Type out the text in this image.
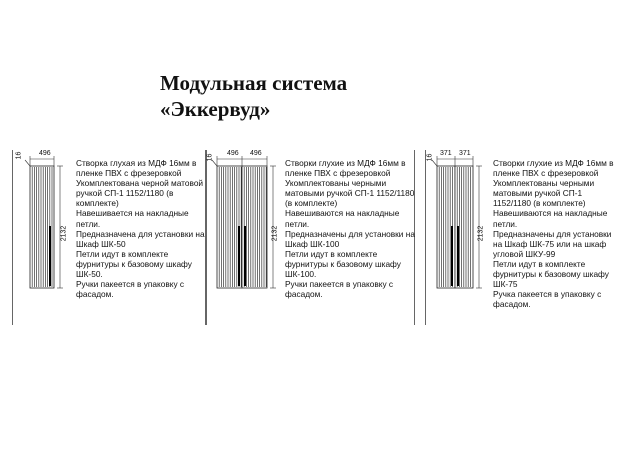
Модульная система
«Эккервуд»
16 496
2132

Створка глухая из МДФ 16мм в пленке ПВХ с фрезеровкой

Укомплектована черной матовой ручкой СП-1 1152/1180 (в комплекте)

Навешивается на накладные петли.

Предназначена для установки на Шкаф ШК-50

Петли идут в комплекте фурнитуры к базовому шкафу ШК-50.

Ручки пакеется в упаковку с фасадом.

16
496 496
2132

Створки глухие из МДФ 16мм в пленке ПВХ с фрезеровкой

Укомплектованы черными матовыми ручкой СП-1 1152/1180 (в комплекте)

Навешиваются на накладные петли.

Предназначены для установки на Шкаф ШК-100

Петли идут в комплекте фурнитуры к базовому шкафу ШК-100.

Ручки пакеется в упаковку с фасадом.

16
371 371
2132

Створки глухие из МДФ 16мм в пленке ПВХ с фрезеровкой

Укомплектованы черными матовыми ручкой СП-1 1152/1180 (в комплекте)

Навешиваются на накладные петли.

Предназначены для установки на Шкаф ШК-75 или на шкаф угловой ШКУ-99

Петли идут в комплекте фурнитуры к базовому шкафу ШК-75

Ручка пакеется в упаковку с фасадом.
